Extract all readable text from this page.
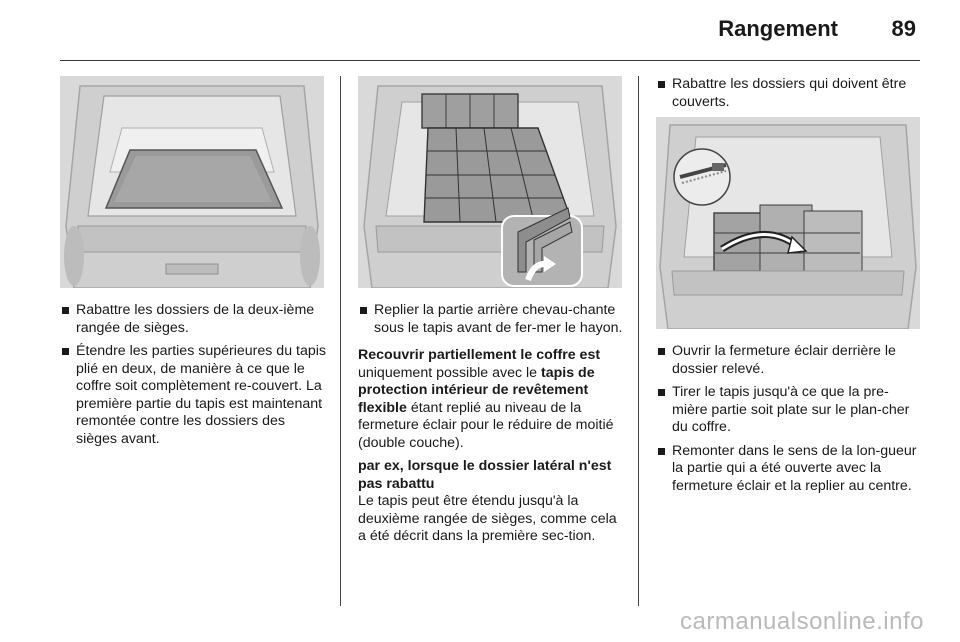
Rangement 89
Rabattre les dossiers de la deux-ième rangée de sièges.
Étendre les parties supérieures du tapis plié en deux, de manière à ce que le coffre soit complètement re-couvert. La première partie du tapis est maintenant remontée contre les dossiers des sièges avant.
Replier la partie arrière chevau-chante sous le tapis avant de fer-mer le hayon.

Recouvrir partiellement le coffre est

uniquement possible avec le tapis de protection intérieur de revêtement flexible étant replié au niveau de la fermeture éclair pour le réduire de moitié (double couche).

par ex, lorsque le dossier latéral n'est pas rabattu

Le tapis peut être étendu jusqu'à la deuxième rangée de sièges, comme cela a été décrit dans la première sec-tion.

Rabattre les dossiers qui doivent être couverts.
Ouvrir la fermeture éclair derrière le dossier relevé.
Tirer le tapis jusqu'à ce que la pre-mière partie soit plate sur le plan-cher du coffre.
Remonter dans le sens de la lon-gueur la partie qui a été ouverte avec la fermeture éclair et la replier au centre.
carmanualsonline.info
